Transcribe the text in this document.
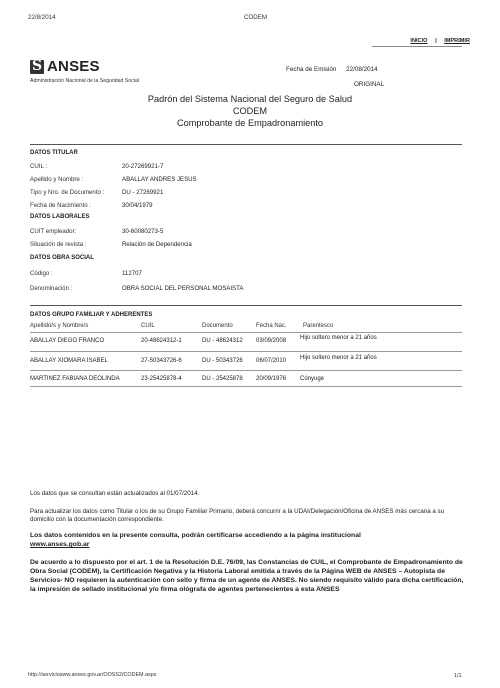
22/8/2014	CODEM
INICIO | IMPRIMIR
S
ANSES
Administración Nacional de la Seguridad Social
Fecha de Emisión 22/08/2014
ORIGINAL
Padrón del Sistema Nacional del Seguro de Salud
CODEM
Comprobante de Empadronamiento
DATOS TITULAR
CUIL :	20-27269921-7
Apellido y Nombre :	ABALLAY ANDRES JESUS
Tipo y Nro. de Documento :	DU - 27269921
Fecha de Nacimiento :	30/04/1979
DATOS LABORALES
CUIT empleador:	30-60080273-5
Situación de revista :	Relación de Dependencia
DATOS OBRA SOCIAL
Código :	112707
Denominación :	OBRA SOCIAL DEL PERSONAL MOSAISTA
DATOS GRUPO FAMILIAR Y ADHERENTES
Apellido/s y Nombre/s	CUIL	Documento	Fecha Nac.	Parentesco
ABALLAY DIEGO FRANCO	20-48624312-1	DU - 48624312 03/09/2008 Hijo soltero menor a 21 años
ABALLAY XIOMARA ISABEL	27-50343726-6	DU - 50343726 06/07/2010 Hijo soltero menor a 21 años
MARTINEZ FABIANA DEOLINDA	23-25425878-4	DU - 25425878 20/09/1976 Cónyuge
Los datos que se consultan están actualizados al 01/07/2014.
Para actualizar los datos como Titular o los de su Grupo Familiar Primario, deberá concurrir a la UDAI/Delegación/Oficina de ANSES más cercana a su domicilio con la documentación correspondiente.
Los datos contenidos en la presente consulta, podrán certificarse accediendo a la página institucional
www.anses.gob.ar
De acuerdo a lo dispuesto por el art. 1 de la Resolución D.E. 76/09, las Constancias de CUIL, el Comprobante de Empadronamiento de Obra Social (CODEM), la Certificación Negativa y la Historia Laboral emitida a través de la Página WEB de ANSES – Autopista de Servicios- NO requieren la autenticación con sello y firma de un agente de ANSES. No siendo requisito válido para dicha certificación, la impresión de sellado institucional y/o firma ológrafa de agentes pertenecientes a esta ANSES
http://serviciosww.anses.gov.ar/OOSS2/CODEM.aspx	1/1
